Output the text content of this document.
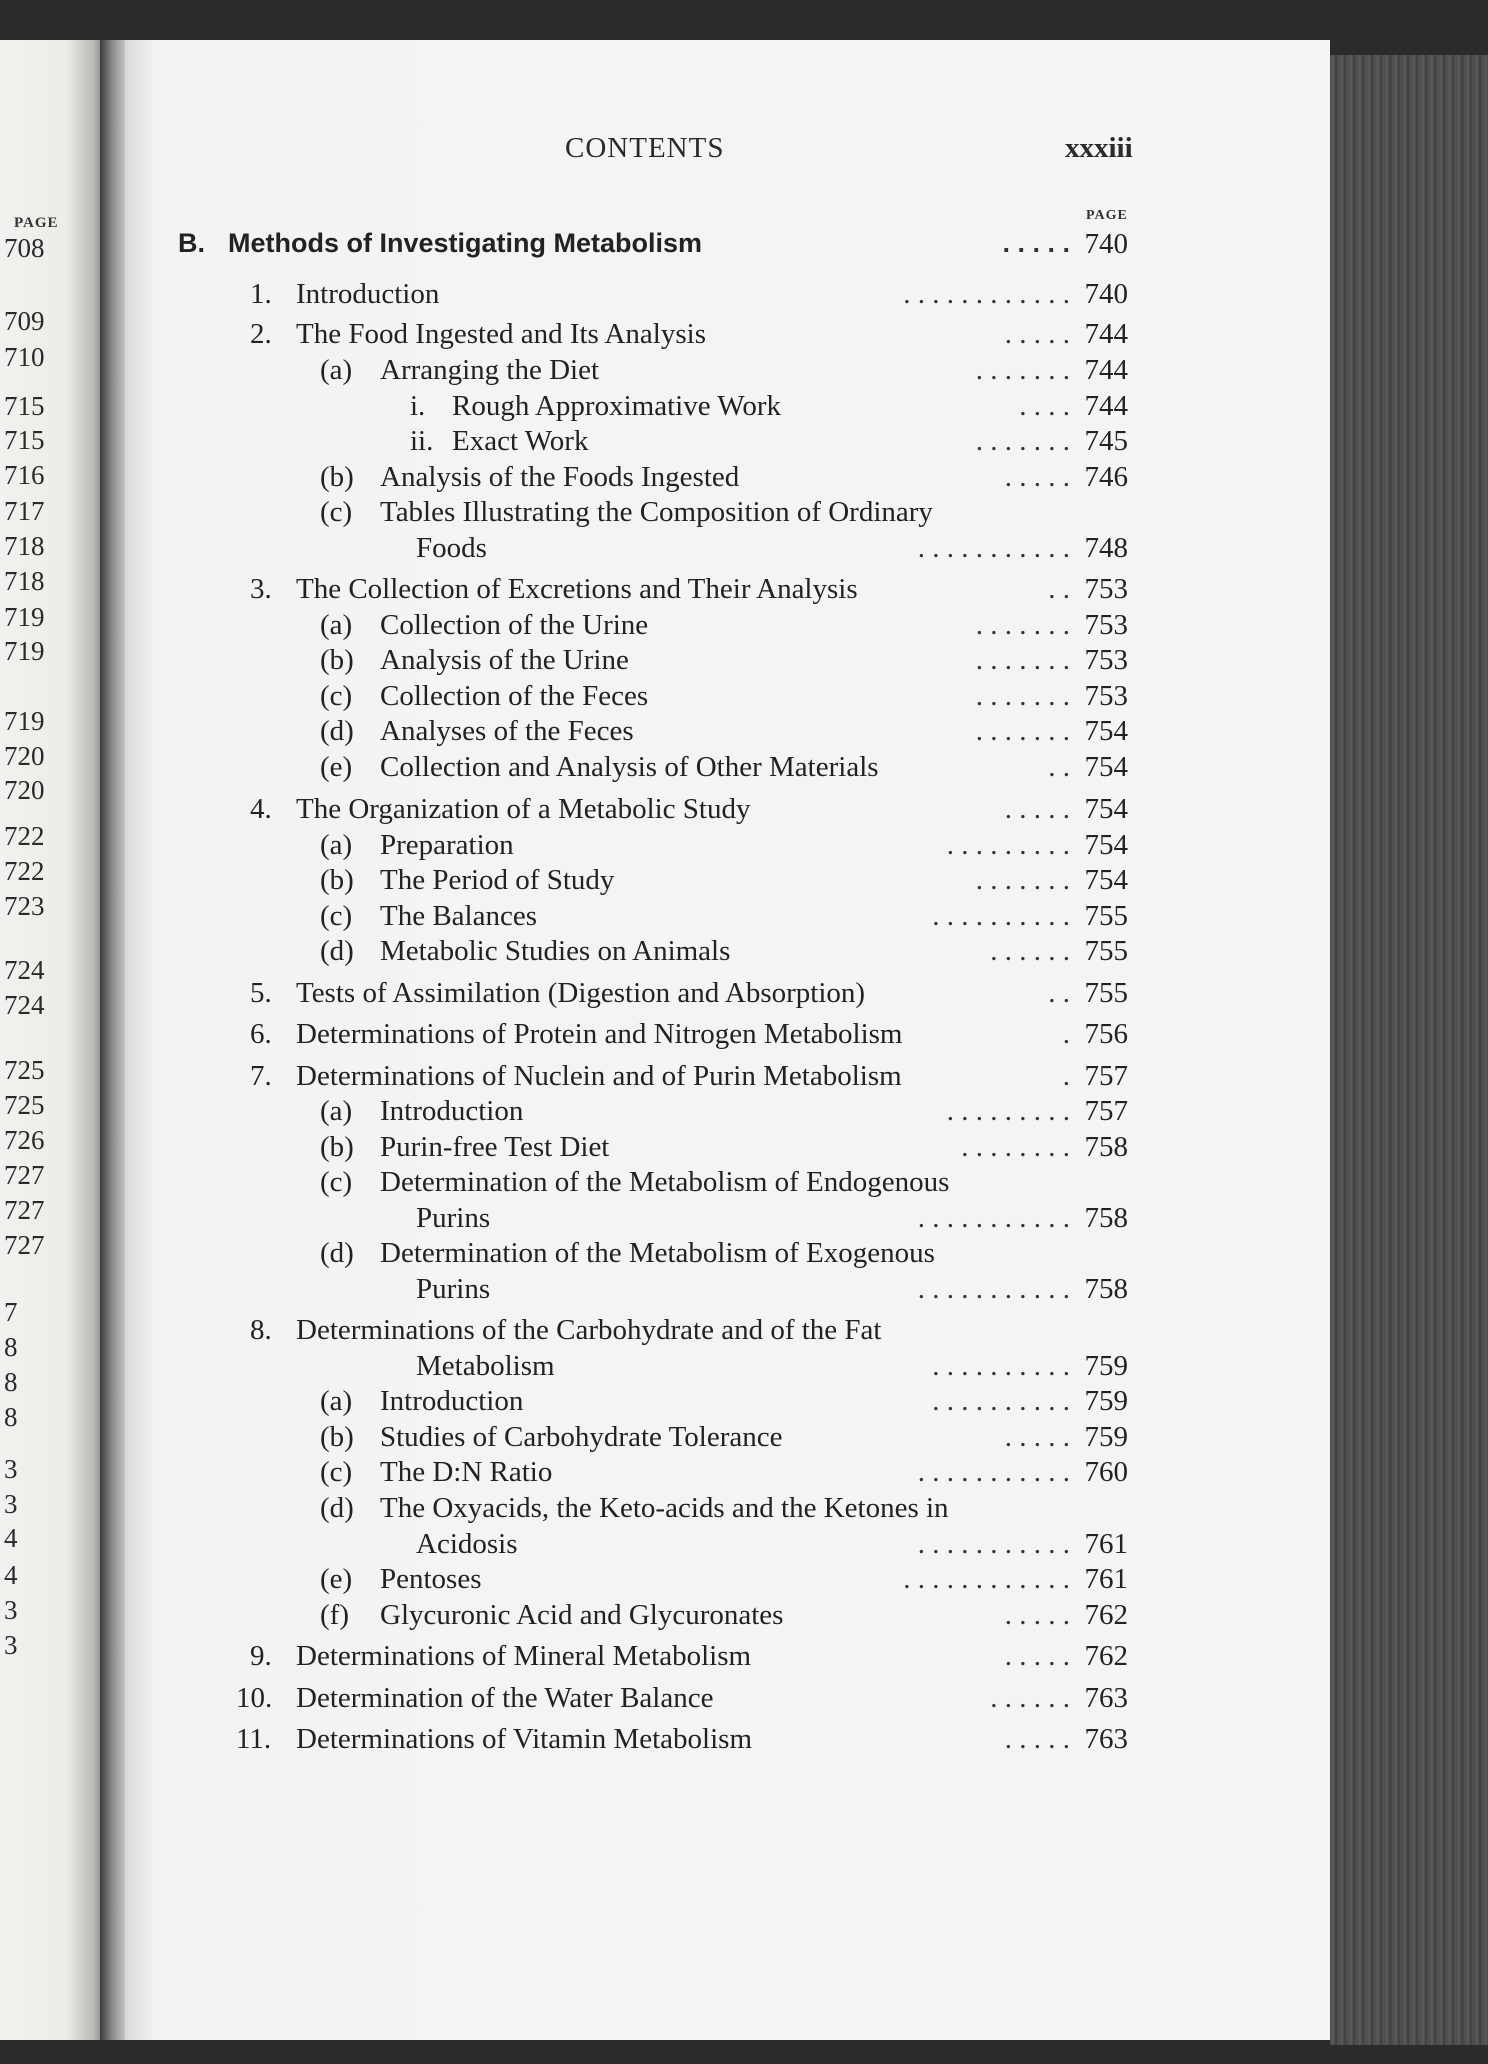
PAGE
708
709
710
715
715
716
717
718
718
719
719
719
720
720
722
722
723
724
724
725
725
726
727
727
727
7
8
8
8
3
3
4
4
3
3
CONTENTS	xxxiii
PAGE
B. Methods of Investigating Metabolism	. . . . . 740
1. Introduction	. . . . . . . . . . . . 740
2. The Food Ingested and Its Analysis	. . . . . 744
(a) Arranging the Diet	. . . . . . . 744
i. Rough Approximative Work	. . . . 744
ii. Exact Work	. . . . . . . 745
(b) Analysis of the Foods Ingested	. . . . . 746
(c) Tables Illustrating the Composition of Ordinary
Foods	. . . . . . . . . . . 748
3. The Collection of Excretions and Their Analysis	. . 753
(a) Collection of the Urine	. . . . . . . 753
(b) Analysis of the Urine	. . . . . . . 753
(c) Collection of the Feces	. . . . . . . 753
(d) Analyses of the Feces	. . . . . . . 754
(e) Collection and Analysis of Other Materials	. . 754
4. The Organization of a Metabolic Study	. . . . . 754
(a) Preparation	. . . . . . . . . 754
(b) The Period of Study	. . . . . . . 754
(c) The Balances	. . . . . . . . . . 755
(d) Metabolic Studies on Animals	. . . . . . 755
5. Tests of Assimilation (Digestion and Absorption)	. . 755
6. Determinations of Protein and Nitrogen Metabolism	. 756
7. Determinations of Nuclein and of Purin Metabolism	. 757
(a) Introduction	. . . . . . . . . 757
(b) Purin-free Test Diet	. . . . . . . . 758
(c) Determination of the Metabolism of Endogenous
Purins	. . . . . . . . . . . 758
(d) Determination of the Metabolism of Exogenous
Purins	. . . . . . . . . . . 758
8. Determinations of the Carbohydrate and of the Fat
Metabolism	. . . . . . . . . . 759
(a) Introduction	. . . . . . . . . . 759
(b) Studies of Carbohydrate Tolerance	. . . . . 759
(c) The D:N Ratio	. . . . . . . . . . . 760
(d) The Oxyacids, the Keto-acids and the Ketones in
Acidosis	. . . . . . . . . . . 761
(e) Pentoses	. . . . . . . . . . . . 761
(f) Glycuronic Acid and Glycuronates	. . . . . 762
9. Determinations of Mineral Metabolism	. . . . . 762
10. Determination of the Water Balance	. . . . . . 763
11. Determinations of Vitamin Metabolism	. . . . . 763
